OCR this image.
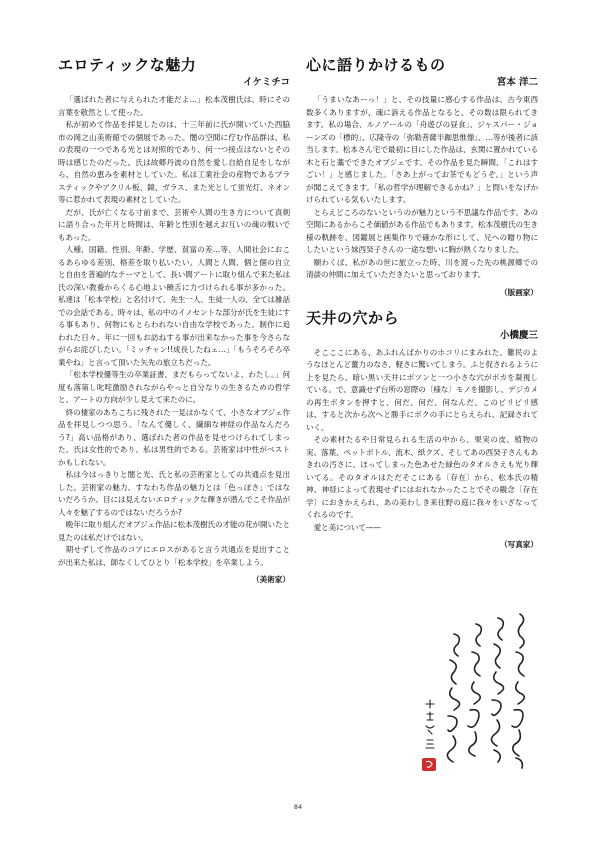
エロティックな魅力
イケミチコ

「選ばれた者に与えられた才能だよ…」松本茂樹氏は、時にその言葉を敬然として使った。

私が初めて作品を拝見したのは、十三年前に氏が開いていた西脇市の岡之山美術館での個展であった。闇の空間に佇む作品群は、私の表現の一つである光とは対照的であり、何一つ接点はないとその時は感じたのだった。氏は故郷丹波の自然を愛し自給自足をしながら、自然の恵みを素材としていた。私は工業社会の産物であるプラスティックやアクリル板、鏡、ガラス、また光として蛍光灯、ネオン等に惹かれて表現の素材としていた。

だが、氏が亡くなる寸前まで、芸術や人間の生き方について真剣に語り合った年月と時間は、年齢と性別を越えお互いの魂の戦いでもあった。

人種、国籍、性別、年齢、学歴、貧富の差…等、人間社会におこるあらゆる差別、格差を取り払いたい。人間と人間、個と個の自立と自由を普遍的なテーマとして、長い間アートに取り組んで来た私は氏の深い教養からくる心地よい饒舌に力づけられる事が多かった。私達は「松本学校」と名付けて、先生一人、生徒一人の、全ては雑話での会話である。時々は、私の中のイノセントな部分が氏を生徒にする事もあり、何物にもとらわれない自由な学校であった。制作に追われた日々、年に一回もお訪ねする事が出来なかった事を今さらながらお詫びしたい。「ミッチャン!!成長したねェ…」「もうそろそろ卒業やね」と言って頂いた矢先の旅立ちだった。

「松本学校優等生の卒業証書、まだもらってないよ、わたし。」何度も落第し叱咤激励されながらやっと自分なりの生きるための哲学と、アートの方向が少し見えて来たのに。

終の棲家のあちこちに残された一見はかなくて、小さなオブジェ作品を拝見しつつ思う。「なんて優しく、繊細な神経の作品なんだろう?」高い品格があり、選ばれた者の作品を見せつけられてしまった。氏は女性的であり、私は男性的である。芸術家は中性がベストかもしれない。

私は今はっきりと闇と光、氏と私の芸術家としての共通点を見出した。芸術家の魅力、すなわち作品の魅力とは「色っぽさ」ではないだろうか。目には見えないエロティックな輝きが潜んでこそ作品が人々を魅了するのではないだろうか?

晩年に取り組んだオブジェ作品に松本茂樹氏の才能の花が開いたと見たのは私だけではない。

期せずして作品のコアにエロスがあると言う共通点を見出すことが出来た私は、師なくしてひとり「松本学校」を卒業しよう。

（美術家）
心に語りかけるもの
宮本 洋二

「うまいなあーっ！」と、その技量に感心する作品は、古今東西数多くありますが、魂に訴える作品となると、その数は限られてきます。私の場合、ルノアールの「舟遊びの昼食」、ジャスパー・ジョーンズの「標的」、広隆寺の「弥勒菩薩半跏思惟像」、…等が後者に該当します。松本さん宅で最初に目にした作品は、玄関に置かれている木と石と藁でできたオブジェです。その作品を見た瞬間、「これはすごい！」と感じました。「さあ上がってお茶でもどうぞ。」という声が聞こえてきます。「私の哲学が理解できるかね？」と問いをなげかけられている気もいたします。

とらえどころのないというのが魅力という不思議な作品です。あの空間にあるからこそ価値がある作品でもあります。松本茂樹氏の生き様の軌跡を、図鑑展と画集作りで確かな形にして、兄への贈り物にしたいという妹西癸子さんの一途な想いに胸が熱くなりました。

願わくば、私があの世に旅立った時、川を渡った先の桃源郷での清談の仲間に加えていただきたいと思っております。

（版画家）
天井の穴から
小橋慶三

そこここにある、あふれんばかりのホコリにまみれた、難民のようなほとんど薑力のなさ、軽さに驚いてしまう。ふと促されるように上を見たら、暗い黒い天井にポツンと一つ小さな穴がポカを凝視している。で、意識せず台所の窓際の〔様な〕モノを撮影し、デジカメの再生ボタンを押すと、何だ、何だ、何なんだ、このピリピリ感は、すると次から次へと勝手にボクの手にとらえられ、記録されていく。

その素材たるや日常見られる生活の中から、果実の皮、植物の実、落葉、ペットボトル、流木、紙クズ、そしてあの西癸子さんもあきれの汚さに、ほってしまった色あせた緑色のタオルさえも光り輝いてる。そのタオルはただそこにある〔存在〕から、松本氏の精神、神経によって表現せずにはおれなかったことでその観念〔存在学〕におきかえられ、あの美わしき来住野の庭に我々をいざなってくれるのです。

愛と美について——

（写真家）
84
